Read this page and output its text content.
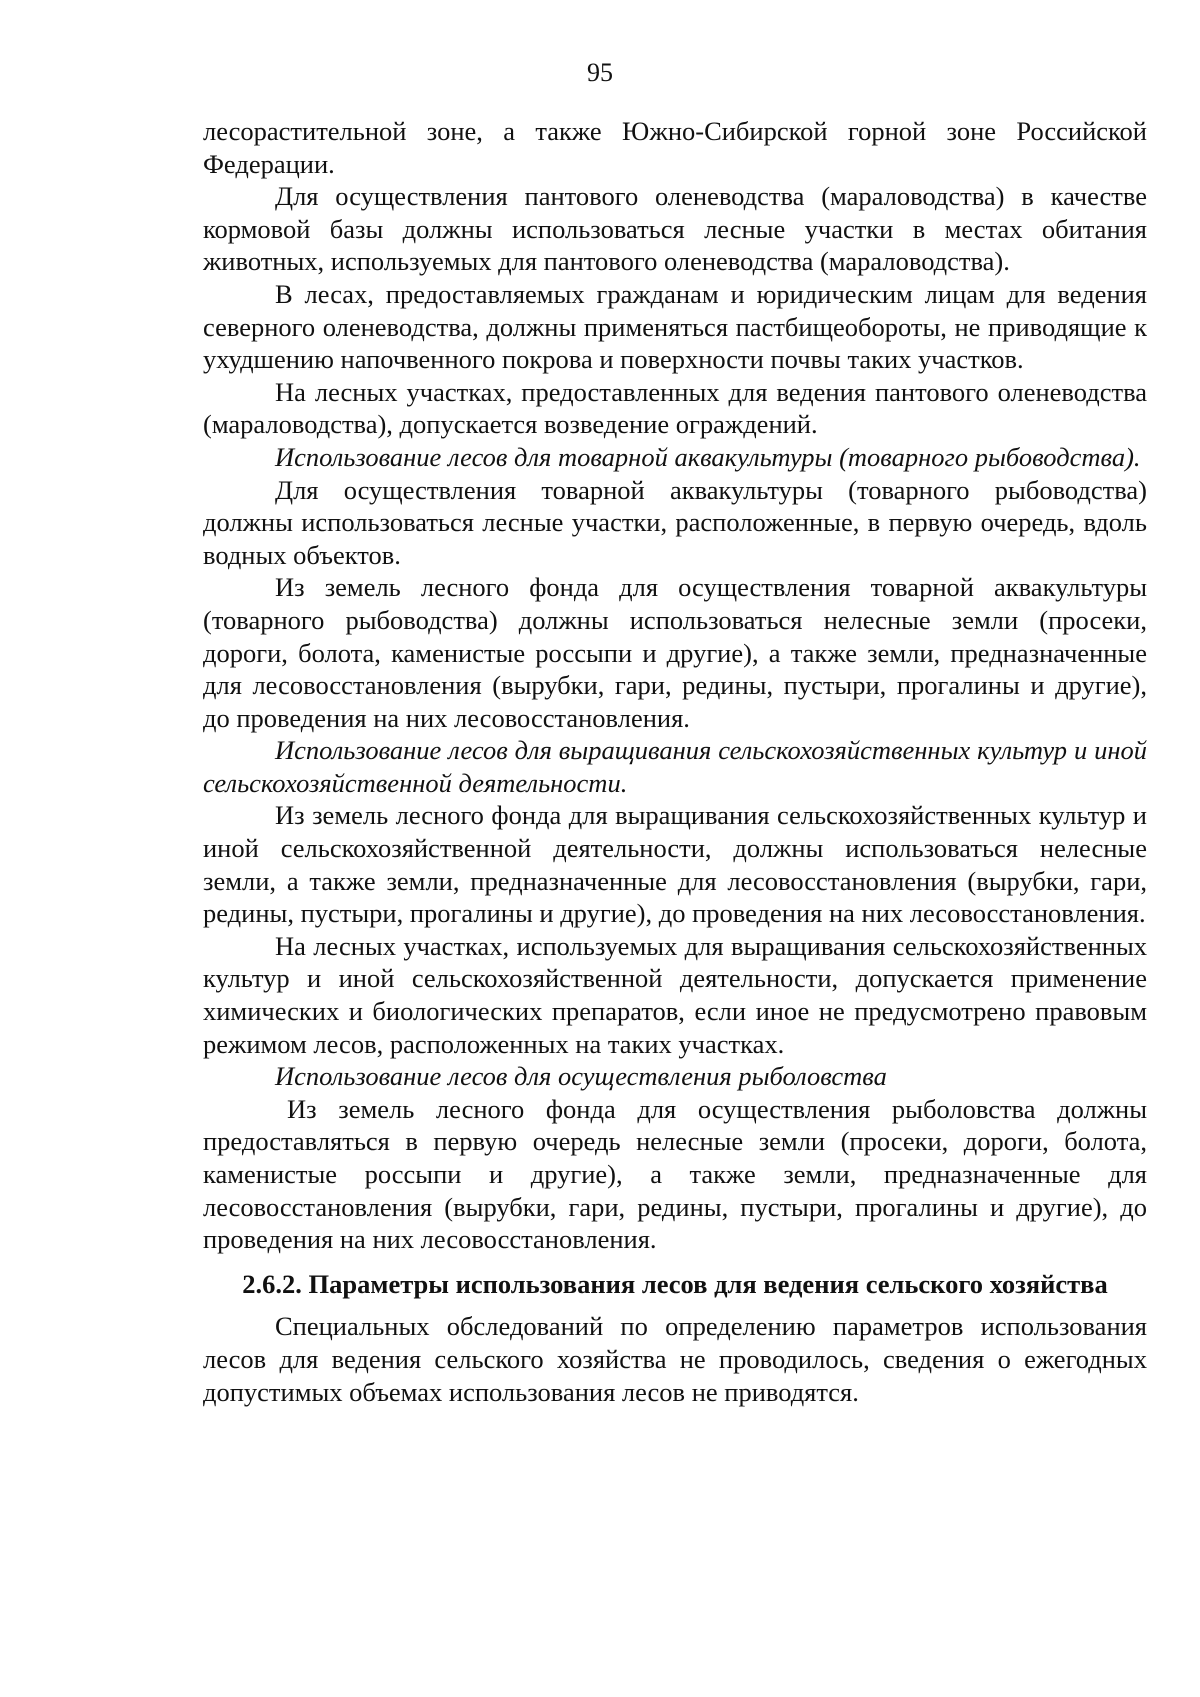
95

лесорастительной зоне, а также Южно-Сибирской горной зоне Российской Федерации.

Для осуществления пантового оленеводства (мараловодства) в качестве кормовой базы должны использоваться лесные участки в местах обитания животных, используемых для пантового оленеводства (мараловодства).

В лесах, предоставляемых гражданам и юридическим лицам для ведения северного оленеводства, должны применяться пастбищеобороты, не приводящие к ухудшению напочвенного покрова и поверхности почвы таких участков.

На лесных участках, предоставленных для ведения пантового оленеводства (мараловодства), допускается возведение ограждений.

Использование лесов для товарной аквакультуры (товарного рыбоводства).

Для осуществления товарной аквакультуры (товарного рыбоводства) должны использоваться лесные участки, расположенные, в первую очередь, вдоль водных объектов.

Из земель лесного фонда для осуществления товарной аквакультуры (товарного рыбоводства) должны использоваться нелесные земли (просеки, дороги, болота, каменистые россыпи и другие), а также земли, предназначенные для лесовосстановления (вырубки, гари, редины, пустыри, прогалины и другие), до проведения на них лесовосстановления.

Использование лесов для выращивания сельскохозяйственных культур и иной сельскохозяйственной деятельности.

Из земель лесного фонда для выращивания сельскохозяйственных культур и иной сельскохозяйственной деятельности, должны использоваться нелесные земли, а также земли, предназначенные для лесовосстановления (вырубки, гари, редины, пустыри, прогалины и другие), до проведения на них лесовосстановления.

На лесных участках, используемых для выращивания сельскохозяйственных культур и иной сельскохозяйственной деятельности, допускается применение химических и биологических препаратов, если иное не предусмотрено правовым режимом лесов, расположенных на таких участках.

Использование лесов для осуществления рыболовства

Из земель лесного фонда для осуществления рыболовства должны предоставляться в первую очередь нелесные земли (просеки, дороги, болота, каменистые россыпи и другие), а также земли, предназначенные для лесовосстановления (вырубки, гари, редины, пустыри, прогалины и другие), до проведения на них лесовосстановления.

2.6.2. Параметры использования лесов для ведения сельского хозяйства

Специальных обследований по определению параметров использования лесов для ведения сельского хозяйства не проводилось, сведения о ежегодных допустимых объемах использования лесов не приводятся.
